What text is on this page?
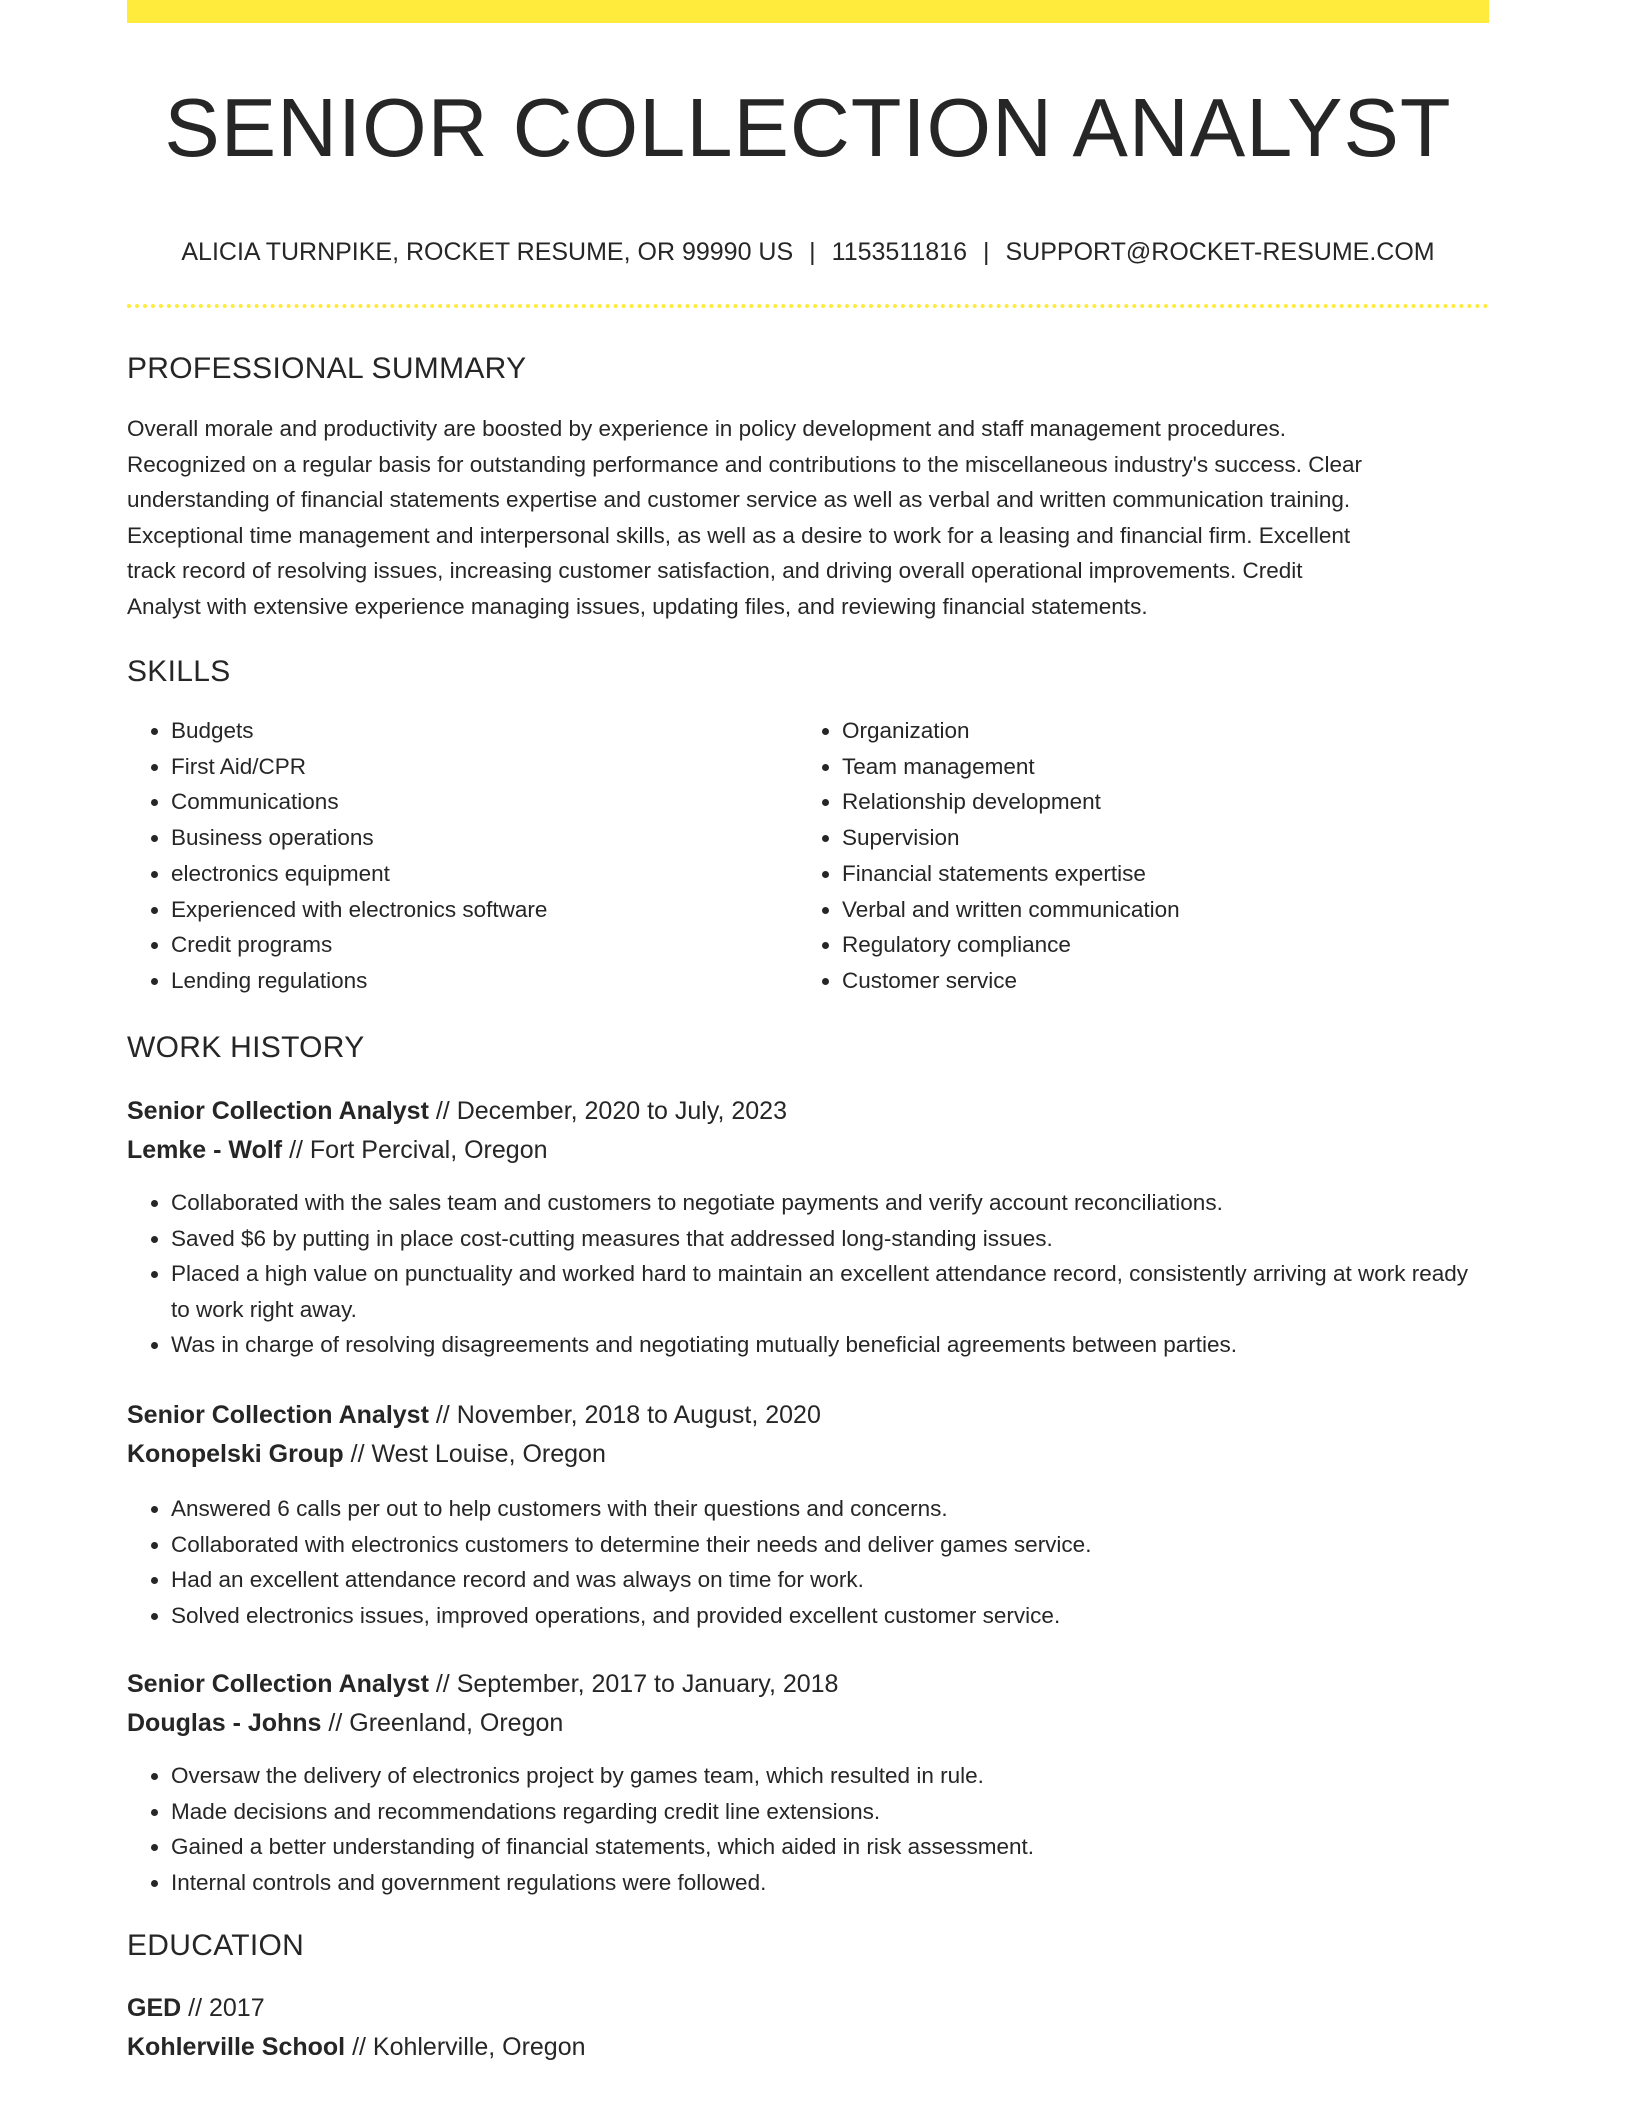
SENIOR COLLECTION ANALYST
ALICIA TURNPIKE, ROCKET RESUME, OR 99990 US | 1153511816 | SUPPORT@ROCKET-RESUME.COM
PROFESSIONAL SUMMARY
Overall morale and productivity are boosted by experience in policy development and staff management procedures.
Recognized on a regular basis for outstanding performance and contributions to the miscellaneous industry's success. Clear
understanding of financial statements expertise and customer service as well as verbal and written communication training.
Exceptional time management and interpersonal skills, as well as a desire to work for a leasing and financial firm. Excellent
track record of resolving issues, increasing customer satisfaction, and driving overall operational improvements. Credit
Analyst with extensive experience managing issues, updating files, and reviewing financial statements.
SKILLS
• Budgets
• First Aid/CPR
• Communications
• Business operations
• electronics equipment
• Experienced with electronics software
• Credit programs
• Lending regulations
• Organization
• Team management
• Relationship development
• Supervision
• Financial statements expertise
• Verbal and written communication
• Regulatory compliance
• Customer service
WORK HISTORY
Senior Collection Analyst // December, 2020 to July, 2023
Lemke - Wolf // Fort Percival, Oregon
• Collaborated with the sales team and customers to negotiate payments and verify account reconciliations.
• Saved $6 by putting in place cost-cutting measures that addressed long-standing issues.
• Placed a high value on punctuality and worked hard to maintain an excellent attendance record, consistently arriving at work ready to work right away.
• Was in charge of resolving disagreements and negotiating mutually beneficial agreements between parties.
Senior Collection Analyst // November, 2018 to August, 2020
Konopelski Group // West Louise, Oregon
• Answered 6 calls per out to help customers with their questions and concerns.
• Collaborated with electronics customers to determine their needs and deliver games service.
• Had an excellent attendance record and was always on time for work.
• Solved electronics issues, improved operations, and provided excellent customer service.
Senior Collection Analyst // September, 2017 to January, 2018
Douglas - Johns // Greenland, Oregon
• Oversaw the delivery of electronics project by games team, which resulted in rule.
• Made decisions and recommendations regarding credit line extensions.
• Gained a better understanding of financial statements, which aided in risk assessment.
• Internal controls and government regulations were followed.
EDUCATION
GED // 2017
Kohlerville School // Kohlerville, Oregon
